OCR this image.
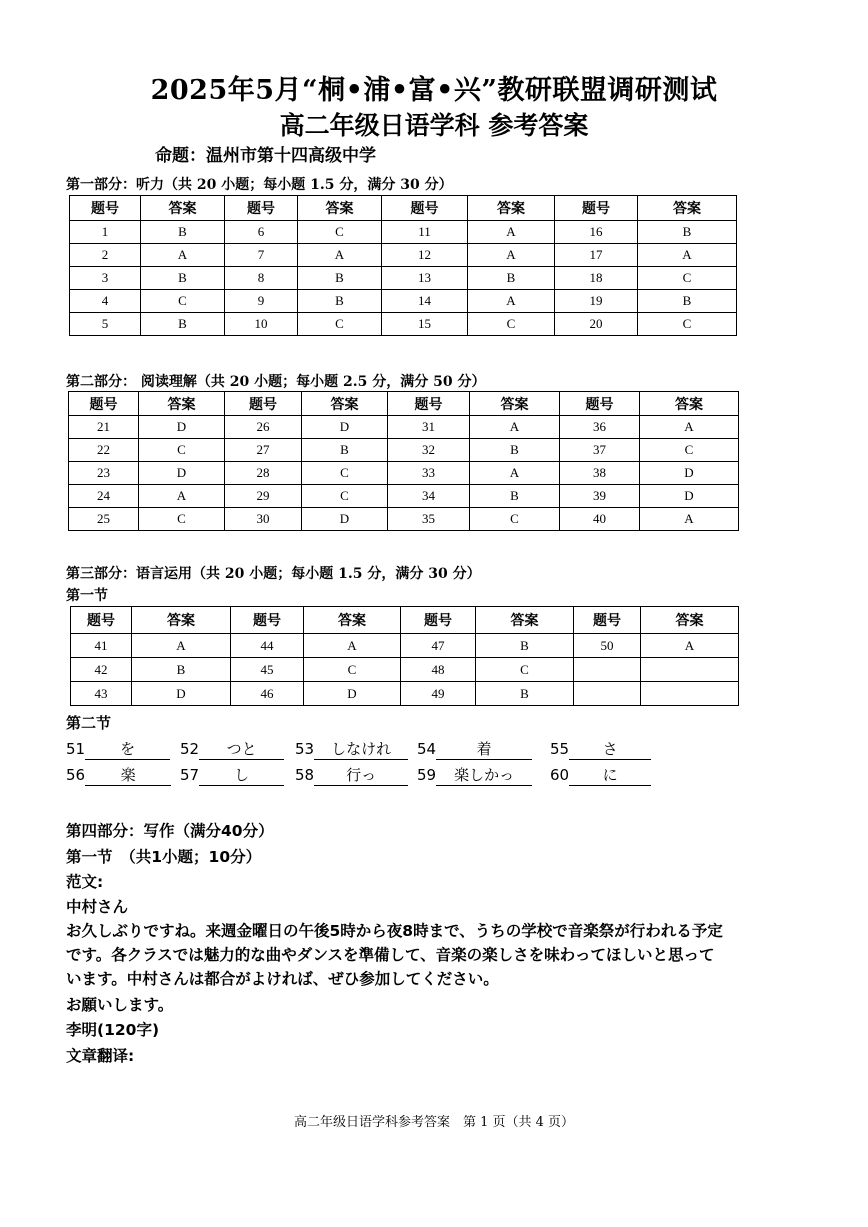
2025年5月“桐•浦•富•兴”教研联盟调研测试
高二年级日语学科 参考答案
命题：温州市第十四高级中学
第一部分：听力（共 20 小题；每小题 1.5 分，满分 30 分）
题号	答案	题号	答案	题号	答案	题号	答案
1	B	6	C	11	A	16	B
2	A	7	A	12	A	17	A
3	B	8	B	13	B	18	C
4	C	9	B	14	A	19	B
5	B	10	C	15	C	20	C
第二部分： 阅读理解（共 20 小题；每小题 2.5 分，满分 50 分）
题号	答案	题号	答案	题号	答案	题号	答案
21	D	26	D	31	A	36	A
22	C	27	B	32	B	37	C
23	D	28	C	33	A	38	D
24	A	29	C	34	B	39	D
25	C	30	D	35	C	40	A
第三部分：语言运用（共 20 小题；每小题 1.5 分，满分 30 分）
第一节
题号	答案	题号	答案	题号	答案	题号	答案
41	A	44	A	47	B	50	A
42	B	45	C	48	C		
43	D	46	D	49	B		
第二节
51 を	52 つと	53 しなけれ	54	着	55 さ
56 楽	57 し	58 行っ	59 楽しかっ	60 に
第四部分：写作（满分40分）
第一节　（共1小题；10分）
范文:
中村さん
お久しぶりですね。来週金曜日の午後5時から夜8時まで、うちの学校で音楽祭が行われる予定
です。各クラスでは魅力的な曲やダンスを準備して、音楽の楽しさを味わってほしいと思って
います。中村さんは都合がよければ、ぜひ参加してください。
お願いします。
李明(120字)
文章翻译:
高二年级日语学科参考答案　第 1 页（共 4 页）
